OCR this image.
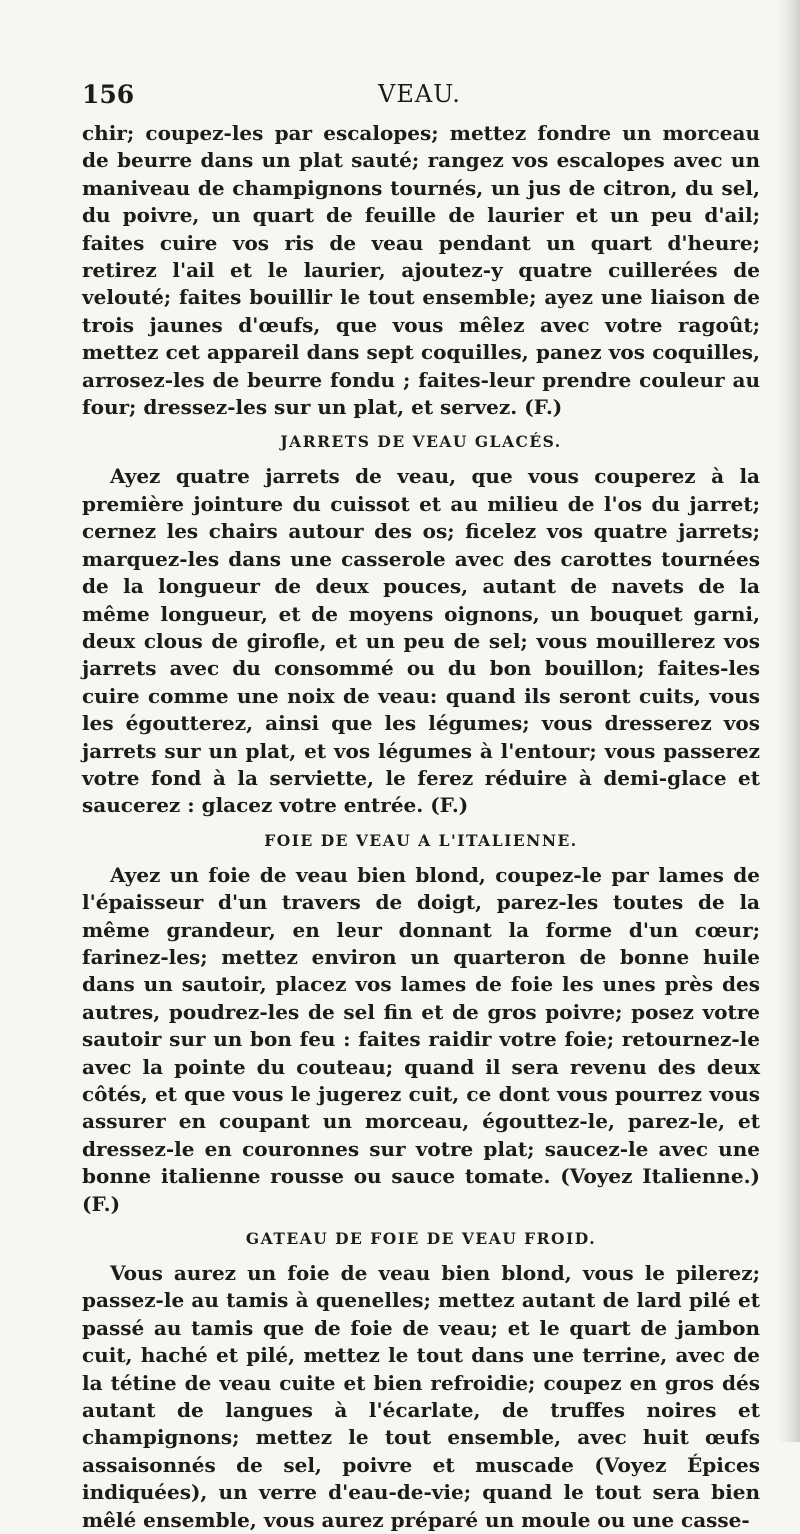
156	VEAU.

chir; coupez-les par escalopes; mettez fondre un morceau de beurre dans un plat sauté; rangez vos escalopes avec un maniveau de champignons tournés, un jus de citron, du sel, du poivre, un quart de feuille de laurier et un peu d'ail; faites cuire vos ris de veau pendant un quart d'heure; retirez l'ail et le laurier, ajoutez-y quatre cuillerées de velouté; faites bouillir le tout ensemble; ayez une liaison de trois jaunes d'œufs, que vous mêlez avec votre ragoût; mettez cet appareil dans sept coquilles, panez vos coquilles, arrosez-les de beurre fondu ; faites-leur prendre couleur au four; dressez-les sur un plat, et servez. (F.)

JARRETS DE VEAU GLACÉS.

Ayez quatre jarrets de veau, que vous couperez à la première jointure du cuissot et au milieu de l'os du jarret; cernez les chairs autour des os; ficelez vos quatre jarrets; marquez-les dans une casserole avec des carottes tournées de la longueur de deux pouces, autant de navets de la même longueur, et de moyens oignons, un bouquet garni, deux clous de girofle, et un peu de sel; vous mouillerez vos jarrets avec du consommé ou du bon bouillon; faites-les cuire comme une noix de veau: quand ils seront cuits, vous les égoutterez, ainsi que les légumes; vous dresserez vos jarrets sur un plat, et vos légumes à l'entour; vous passerez votre fond à la serviette, le ferez réduire à demi-glace et saucerez : glacez votre entrée. (F.)

FOIE DE VEAU A L'ITALIENNE.

Ayez un foie de veau bien blond, coupez-le par lames de l'épaisseur d'un travers de doigt, parez-les toutes de la même grandeur, en leur donnant la forme d'un cœur; farinez-les; mettez environ un quarteron de bonne huile dans un sautoir, placez vos lames de foie les unes près des autres, poudrez-les de sel fin et de gros poivre; posez votre sautoir sur un bon feu : faites raidir votre foie; retournez-le avec la pointe du couteau; quand il sera revenu des deux côtés, et que vous le jugerez cuit, ce dont vous pourrez vous assurer en coupant un morceau, égouttez-le, parez-le, et dressez-le en couronnes sur votre plat; saucez-le avec une bonne italienne rousse ou sauce tomate. (Voyez Italienne.) (F.)

GATEAU DE FOIE DE VEAU FROID.

Vous aurez un foie de veau bien blond, vous le pilerez; passez-le au tamis à quenelles; mettez autant de lard pilé et passé au tamis que de foie de veau; et le quart de jambon cuit, haché et pilé, mettez le tout dans une terrine, avec de la tétine de veau cuite et bien refroidie; coupez en gros dés autant de langues à l'écarlate, de truffes noires et champignons; mettez le tout ensemble, avec huit œufs assaisonnés de sel, poivre et muscade (Voyez Épices indiquées), un verre d'eau-de-vie; quand le tout sera bien mêlé ensemble, vous aurez préparé un moule ou une casse-
